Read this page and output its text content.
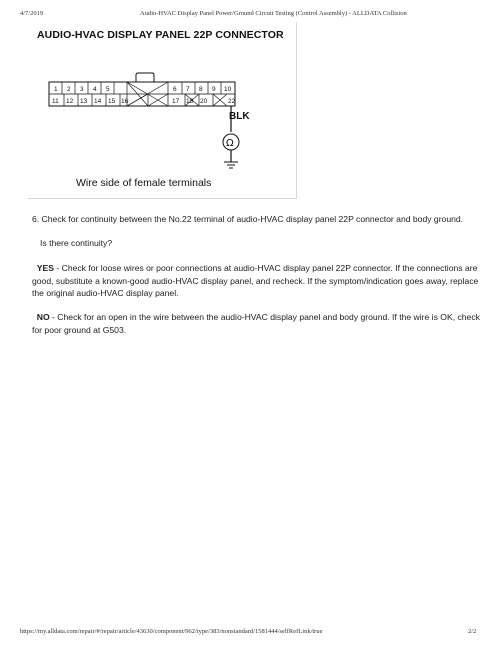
4/7/2019	Audio-HVAC Display Panel Power/Ground Circuit Testing (Control Assembly) - ALLDATA Collision
AUDIO-HVAC DISPLAY PANEL 22P CONNECTOR
1 2 3 4 5	6 7 8 9 10
11 12 13 14 15 16	17 18 20	22
Ω
BLK
Wire side of female terminals
6. Check for continuity between the No.22 terminal of audio-HVAC display panel 22P connector and body ground.
Is there continuity?
YES - Check for loose wires or poor connections at audio-HVAC display panel 22P connector. If the connections are good, substitute a known-good audio-HVAC display panel, and recheck. If the symptom/indication goes away, replace the original audio-HVAC display panel.
NO - Check for an open in the wire between the audio-HVAC display panel and body ground. If the wire is OK, check for poor ground at G503.
https://my.alldata.com/repair/#/repair/article/43630/component/962/type/383/nonstandard/1581444/selfRefLink/true	2/2
